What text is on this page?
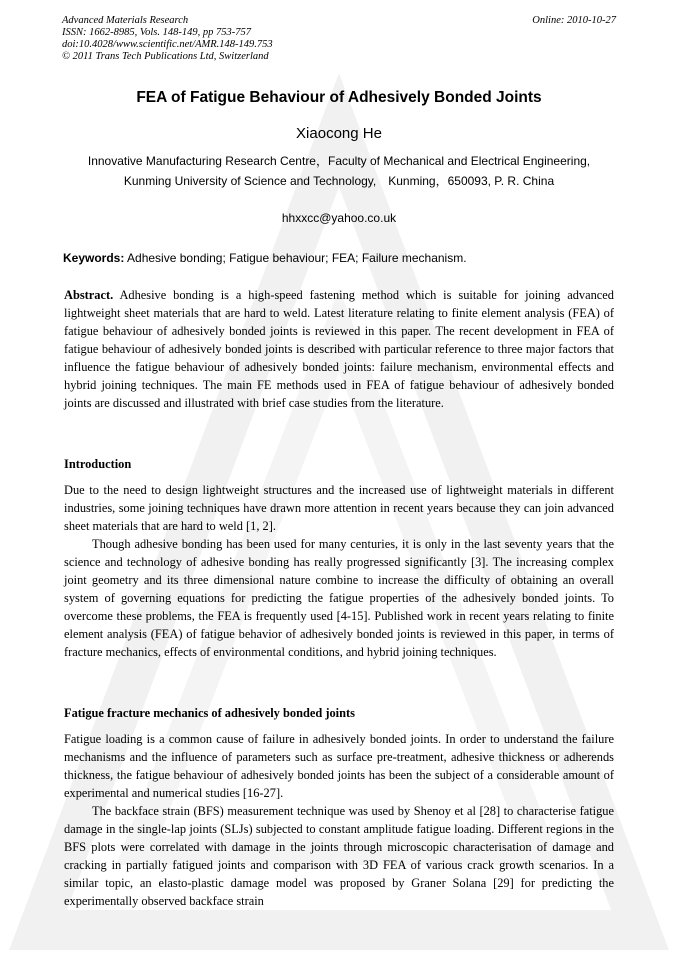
Advanced Materials Research
ISSN: 1662-8985, Vols. 148-149, pp 753-757
doi:10.4028/www.scientific.net/AMR.148-149.753
© 2011 Trans Tech Publications Ltd, Switzerland
Online: 2010-10-27
FEA of Fatigue Behaviour of Adhesively Bonded Joints
Xiaocong He
Innovative Manufacturing Research Centre，Faculty of Mechanical and Electrical Engineering,
Kunming University of Science and Technology,　Kunming，650093, P. R. China
hhxxcc@yahoo.co.uk
Keywords: Adhesive bonding; Fatigue behaviour; FEA; Failure mechanism.

Abstract. Adhesive bonding is a high-speed fastening method which is suitable for joining advanced lightweight sheet materials that are hard to weld. Latest literature relating to finite element analysis (FEA) of fatigue behaviour of adhesively bonded joints is reviewed in this paper. The recent development in FEA of fatigue behaviour of adhesively bonded joints is described with particular reference to three major factors that influence the fatigue behaviour of adhesively bonded joints: failure mechanism, environmental effects and hybrid joining techniques. The main FE methods used in FEA of fatigue behaviour of adhesively bonded joints are discussed and illustrated with brief case studies from the literature.

Introduction

Due to the need to design lightweight structures and the increased use of lightweight materials in different industries, some joining techniques have drawn more attention in recent years because they can join advanced sheet materials that are hard to weld [1, 2].

Though adhesive bonding has been used for many centuries, it is only in the last seventy years that the science and technology of adhesive bonding has really progressed significantly [3]. The increasing complex joint geometry and its three dimensional nature combine to increase the difficulty of obtaining an overall system of governing equations for predicting the fatigue properties of the adhesively bonded joints. To overcome these problems, the FEA is frequently used [4-15]. Published work in recent years relating to finite element analysis (FEA) of fatigue behavior of adhesively bonded joints is reviewed in this paper, in terms of fracture mechanics, effects of environmental conditions, and hybrid joining techniques.

Fatigue fracture mechanics of adhesively bonded joints

Fatigue loading is a common cause of failure in adhesively bonded joints. In order to understand the failure mechanisms and the influence of parameters such as surface pre-treatment, adhesive thickness or adherends thickness, the fatigue behaviour of adhesively bonded joints has been the subject of a considerable amount of experimental and numerical studies [16-27].

The backface strain (BFS) measurement technique was used by Shenoy et al [28] to characterise fatigue damage in the single-lap joints (SLJs) subjected to constant amplitude fatigue loading. Different regions in the BFS plots were correlated with damage in the joints through microscopic characterisation of damage and cracking in partially fatigued joints and comparison with 3D FEA of various crack growth scenarios. In a similar topic, an elasto-plastic damage model was proposed by Graner Solana [29] for predicting the experimentally observed backface strain
